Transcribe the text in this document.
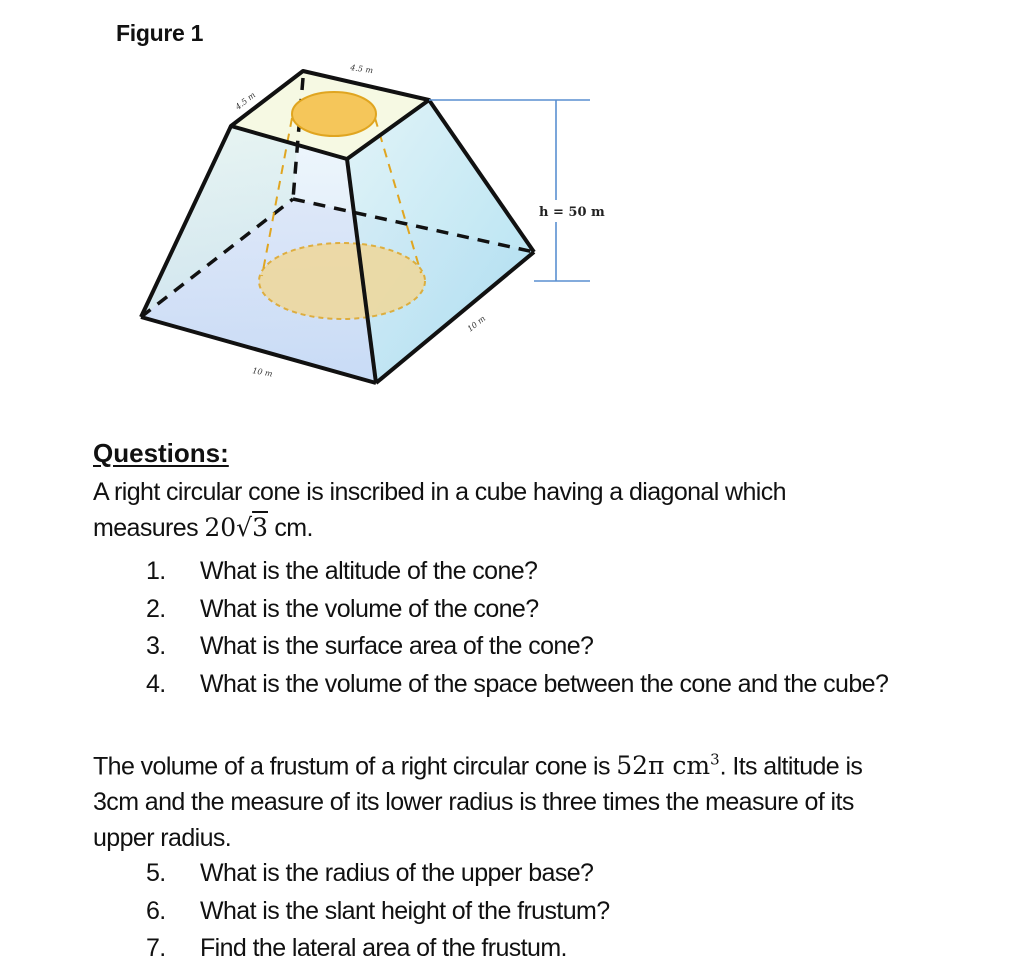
Figure 1
4.5 m
4.5 m
h = 50 m
10 m
10 m
Questions:
A right circular cone is inscribed in a cube having a diagonal which
measures 20√3 cm.
1.	What is the altitude of the cone?
2.	What is the volume of the cone?
3.	What is the surface area of the cone?
4.	What is the volume of the space between the cone and the cube?
The volume of a frustum of a right circular cone is 52π $cm^3$. Its altitude is
3cm and the measure of its lower radius is three times the measure of its
upper radius.
5.	What is the radius of the upper base?
6.	What is the slant height of the frustum?
7.	Find the lateral area of the frustum.
